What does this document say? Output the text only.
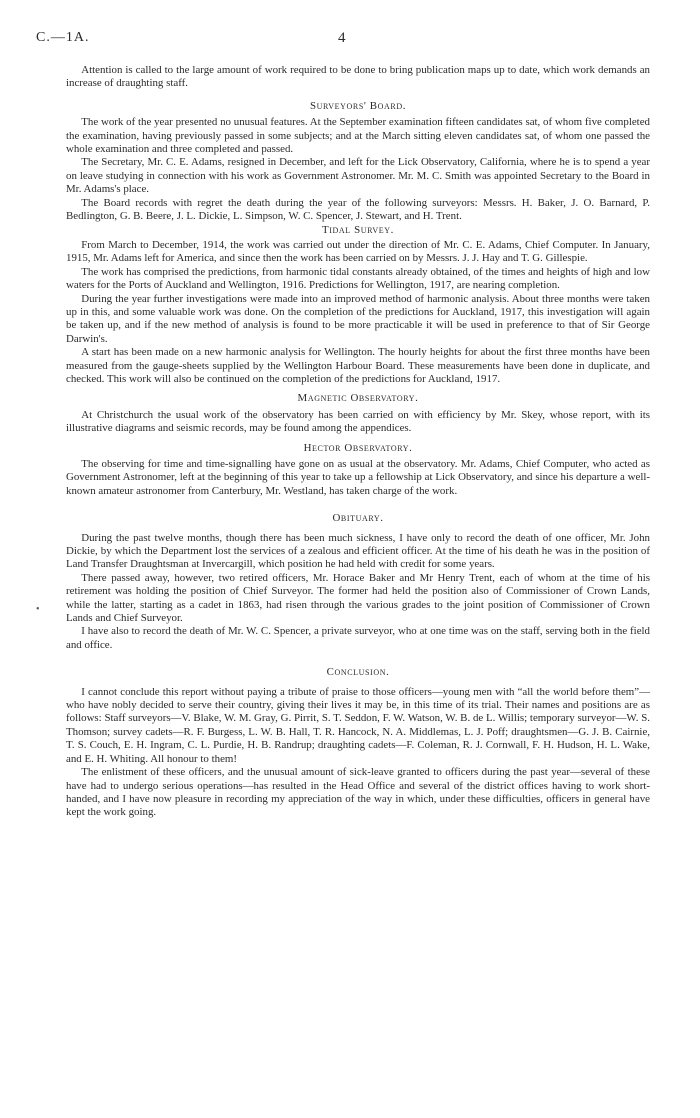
C.—1A.	4
•

Attention is called to the large amount of work required to be done to bring publication maps up to date, which work demands an increase of draughting staff.

Surveyors' Board.

The work of the year presented no unusual features. At the September examination fifteen candidates sat, of whom five completed the examination, having previously passed in some subjects; and at the March sitting eleven candidates sat, of whom one passed the whole examination and three completed and passed.

The Secretary, Mr. C. E. Adams, resigned in December, and left for the Lick Observatory, California, where he is to spend a year on leave studying in connection with his work as Government Astronomer. Mr. M. C. Smith was appointed Secretary to the Board in Mr. Adams's place.

The Board records with regret the death during the year of the following surveyors: Messrs. H. Baker, J. O. Barnard, P. Bedlington, G. B. Beere, J. L. Dickie, L. Simpson, W. C. Spencer, J. Stewart, and H. Trent.

Tidal Survey.

From March to December, 1914, the work was carried out under the direction of Mr. C. E. Adams, Chief Computer. In January, 1915, Mr. Adams left for America, and since then the work has been carried on by Messrs. J. J. Hay and T. G. Gillespie.

The work has comprised the predictions, from harmonic tidal constants already obtained, of the times and heights of high and low waters for the Ports of Auckland and Wellington, 1916. Predictions for Wellington, 1917, are nearing completion.

During the year further investigations were made into an improved method of harmonic analysis. About three months were taken up in this, and some valuable work was done. On the completion of the predictions for Auckland, 1917, this investigation will again be taken up, and if the new method of analysis is found to be more practicable it will be used in preference to that of Sir George Darwin's.

A start has been made on a new harmonic analysis for Wellington. The hourly heights for about the first three months have been measured from the gauge-sheets supplied by the Wellington Harbour Board. These measurements have been done in duplicate, and checked. This work will also be continued on the completion of the predictions for Auckland, 1917.

Magnetic Observatory.

At Christchurch the usual work of the observatory has been carried on with efficiency by Mr. Skey, whose report, with its illustrative diagrams and seismic records, may be found among the appendices.

Hector Observatory.

The observing for time and time-signalling have gone on as usual at the observatory. Mr. Adams, Chief Computer, who acted as Government Astronomer, left at the beginning of this year to take up a fellowship at Lick Observatory, and since his departure a well-known amateur astronomer from Canterbury, Mr. Westland, has taken charge of the work.

Obituary.

During the past twelve months, though there has been much sickness, I have only to record the death of one officer, Mr. John Dickie, by which the Department lost the services of a zealous and efficient officer. At the time of his death he was in the position of Land Transfer Draughtsman at Invercargill, which position he had held with credit for some years.

There passed away, however, two retired officers, Mr. Horace Baker and Mr Henry Trent, each of whom at the time of his retirement was holding the position of Chief Surveyor. The former had held the position also of Commissioner of Crown Lands, while the latter, starting as a cadet in 1863, had risen through the various grades to the joint position of Commissioner of Crown Lands and Chief Surveyor.

I have also to record the death of Mr. W. C. Spencer, a private surveyor, who at one time was on the staff, serving both in the field and office.

Conclusion.

I cannot conclude this report without paying a tribute of praise to those officers—young men with “all the world before them”—who have nobly decided to serve their country, giving their lives it may be, in this time of its trial. Their names and positions are as follows: Staff surveyors—V. Blake, W. M. Gray, G. Pirrit, S. T. Seddon, F. W. Watson, W. B. de L. Willis; temporary surveyor—W. S. Thomson; survey cadets—R. F. Burgess, L. W. B. Hall, T. R. Hancock, N. A. Middlemas, L. J. Poff; draughtsmen—G. J. B. Cairnie, T. S. Couch, E. H. Ingram, C. L. Purdie, H. B. Randrup; draughting cadets—F. Coleman, R. J. Cornwall, F. H. Hudson, H. L. Wake, and E. H. Whiting. All honour to them!

The enlistment of these officers, and the unusual amount of sick-leave granted to officers during the past year—several of these have had to undergo serious operations—has resulted in the Head Office and several of the district offices having to work short-handed, and I have now pleasure in recording my appreciation of the way in which, under these difficulties, officers in general have kept the work going.
